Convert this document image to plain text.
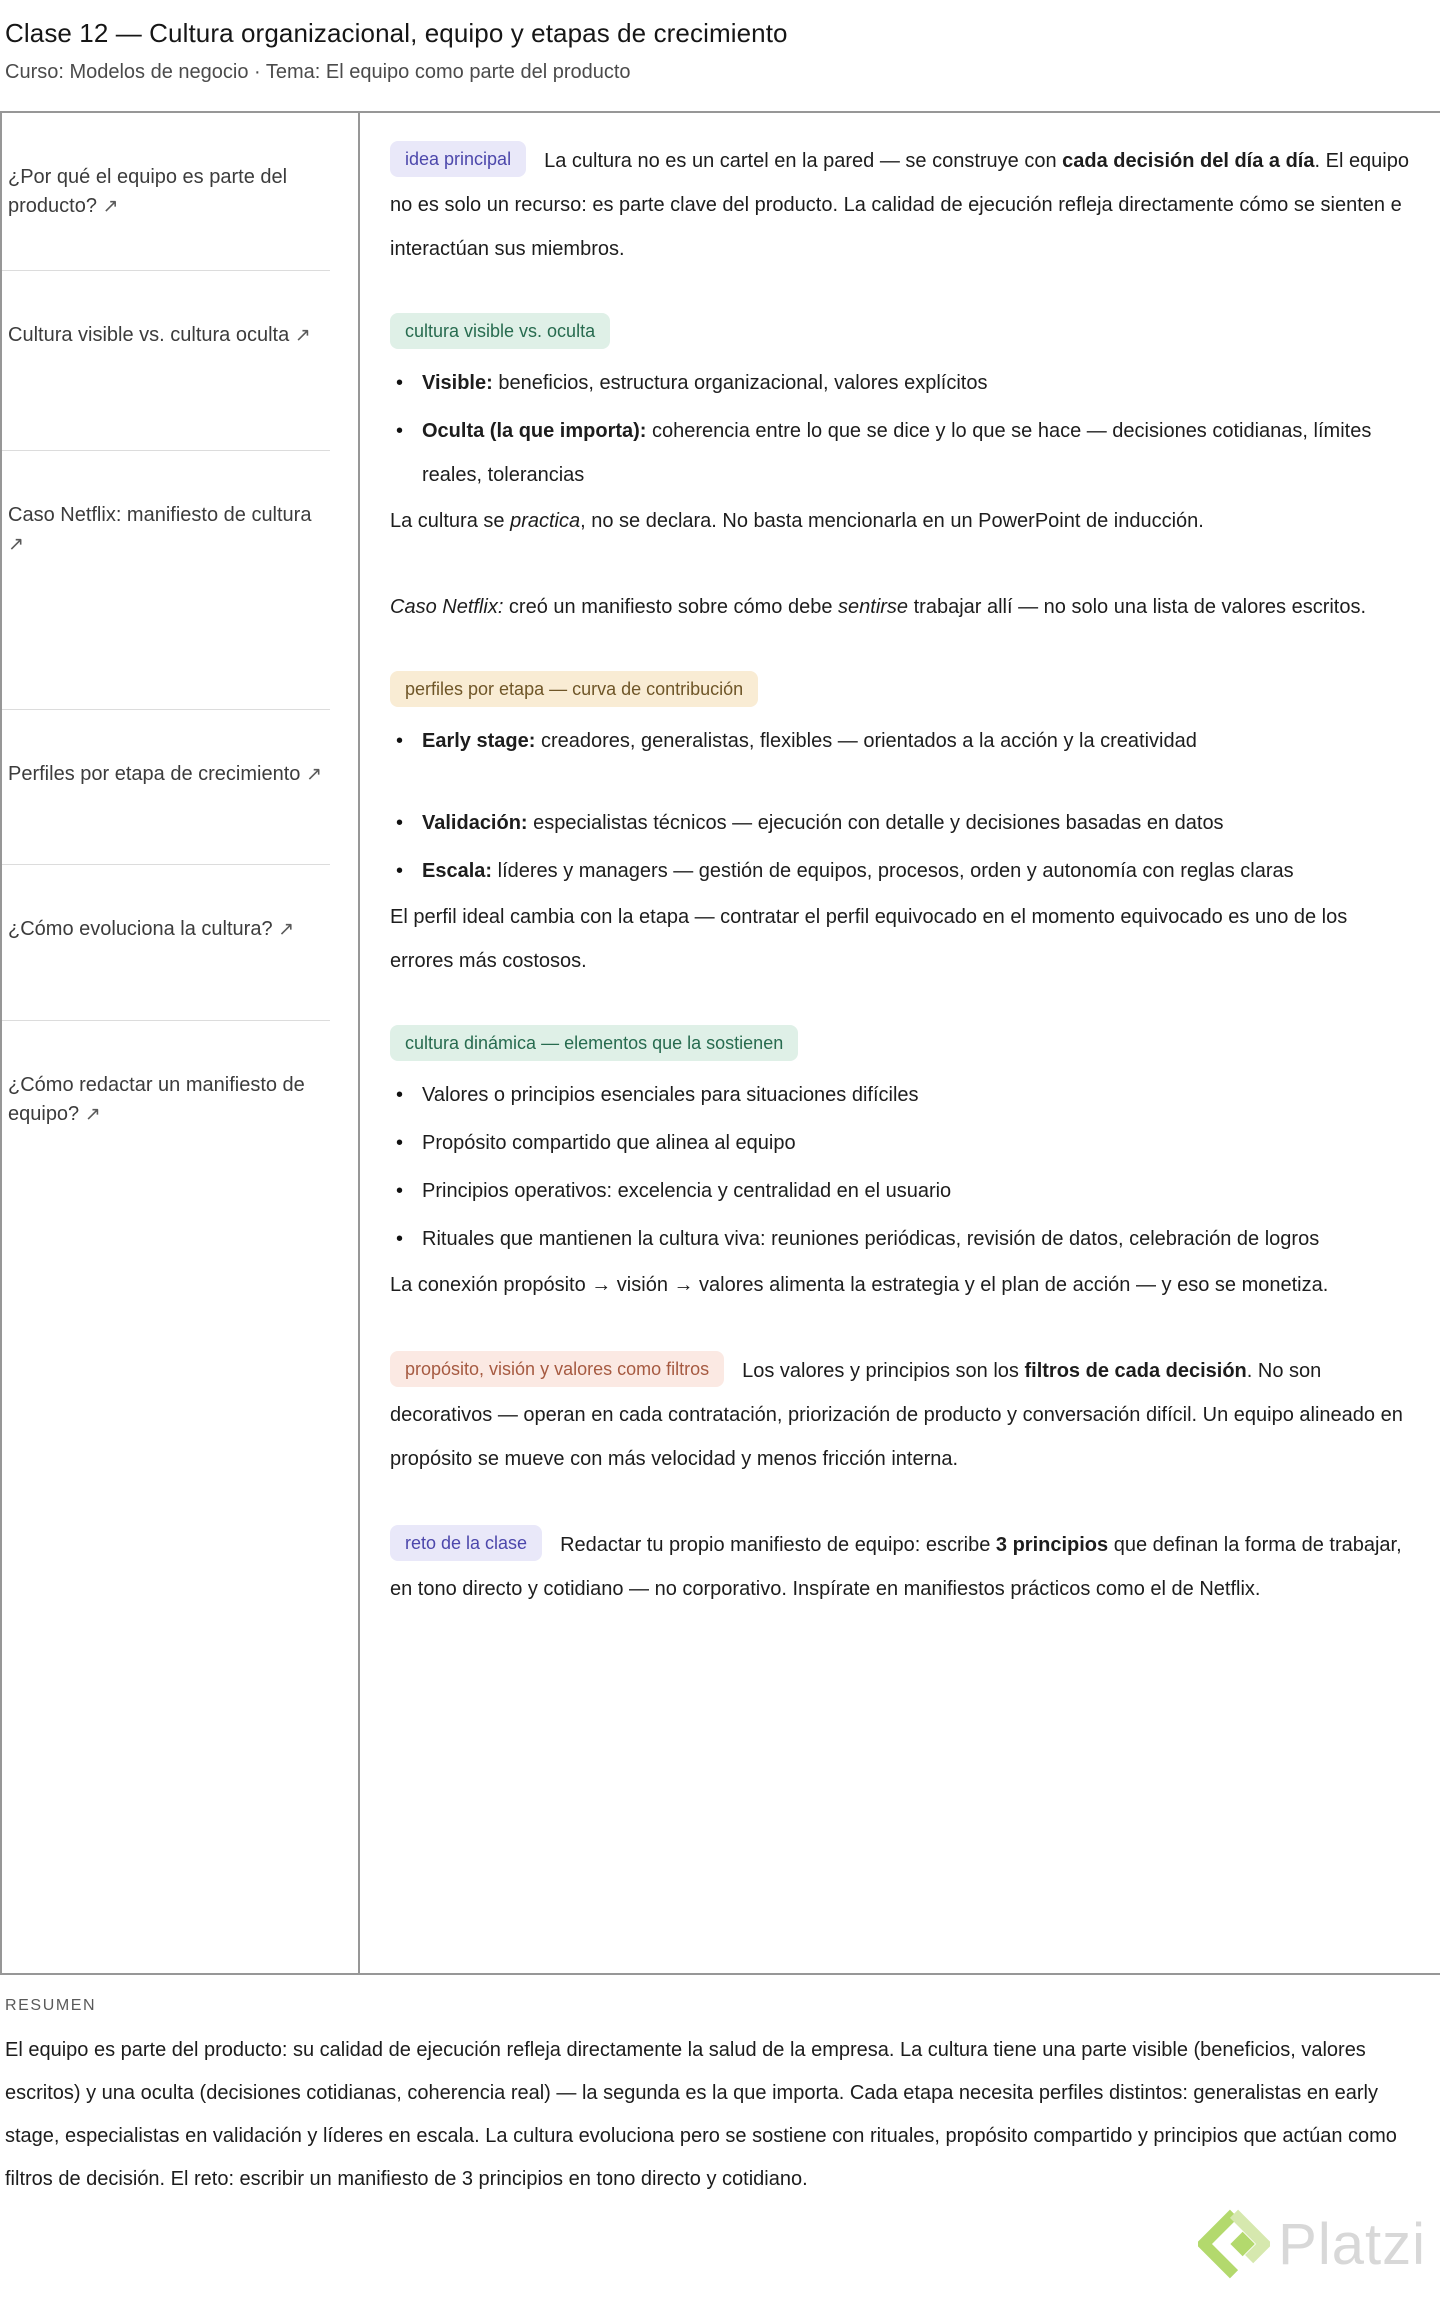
Clase 12 — Cultura organizacional, equipo y etapas de crecimiento

Curso: Modelos de negocio · Tema: El equipo como parte del producto

¿Por qué el equipo es parte del producto? ↗
Cultura visible vs. cultura oculta ↗
Caso Netflix: manifiesto de cultura ↗
Perfiles por etapa de crecimiento ↗
¿Cómo evoluciona la cultura? ↗
¿Cómo redactar un manifiesto de equipo? ↗

idea principal La cultura no es un cartel en la pared — se construye con cada decisión del día a día. El equipo no es solo un recurso: es parte clave del producto. La calidad de ejecución refleja directamente cómo se sienten e interactúan sus miembros.

cultura visible vs. oculta
• Visible: beneficios, estructura organizacional, valores explícitos
• Oculta (la que importa): coherencia entre lo que se dice y lo que se hace — decisiones cotidianas, límites reales, tolerancias

La cultura se practica, no se declara. No basta mencionarla en un PowerPoint de inducción.

Caso Netflix: creó un manifiesto sobre cómo debe sentirse trabajar allí — no solo una lista de valores escritos.

perfiles por etapa — curva de contribución
• Early stage: creadores, generalistas, flexibles — orientados a la acción y la creatividad
• Validación: especialistas técnicos — ejecución con detalle y decisiones basadas en datos
• Escala: líderes y managers — gestión de equipos, procesos, orden y autonomía con reglas claras

El perfil ideal cambia con la etapa — contratar el perfil equivocado en el momento equivocado es uno de los errores más costosos.

cultura dinámica — elementos que la sostienen
• Valores o principios esenciales para situaciones difíciles
• Propósito compartido que alinea al equipo
• Principios operativos: excelencia y centralidad en el usuario
• Rituales que mantienen la cultura viva: reuniones periódicas, revisión de datos, celebración de logros

La conexión propósito → visión → valores alimenta la estrategia y el plan de acción — y eso se monetiza.

propósito, visión y valores como filtros Los valores y principios son los filtros de cada decisión. No son decorativos — operan en cada contratación, priorización de producto y conversación difícil. Un equipo alineado en propósito se mueve con más velocidad y menos fricción interna.

reto de la clase Redactar tu propio manifiesto de equipo: escribe 3 principios que definan la forma de trabajar, en tono directo y cotidiano — no corporativo. Inspírate en manifiestos prácticos como el de Netflix.

RESUMEN

El equipo es parte del producto: su calidad de ejecución refleja directamente la salud de la empresa. La cultura tiene una parte visible (beneficios, valores escritos) y una oculta (decisiones cotidianas, coherencia real) — la segunda es la que importa. Cada etapa necesita perfiles distintos: generalistas en early stage, especialistas en validación y líderes en escala. La cultura evoluciona pero se sostiene con rituales, propósito compartido y principios que actúan como filtros de decisión. El reto: escribir un manifiesto de 3 principios en tono directo y cotidiano.

Platzi
